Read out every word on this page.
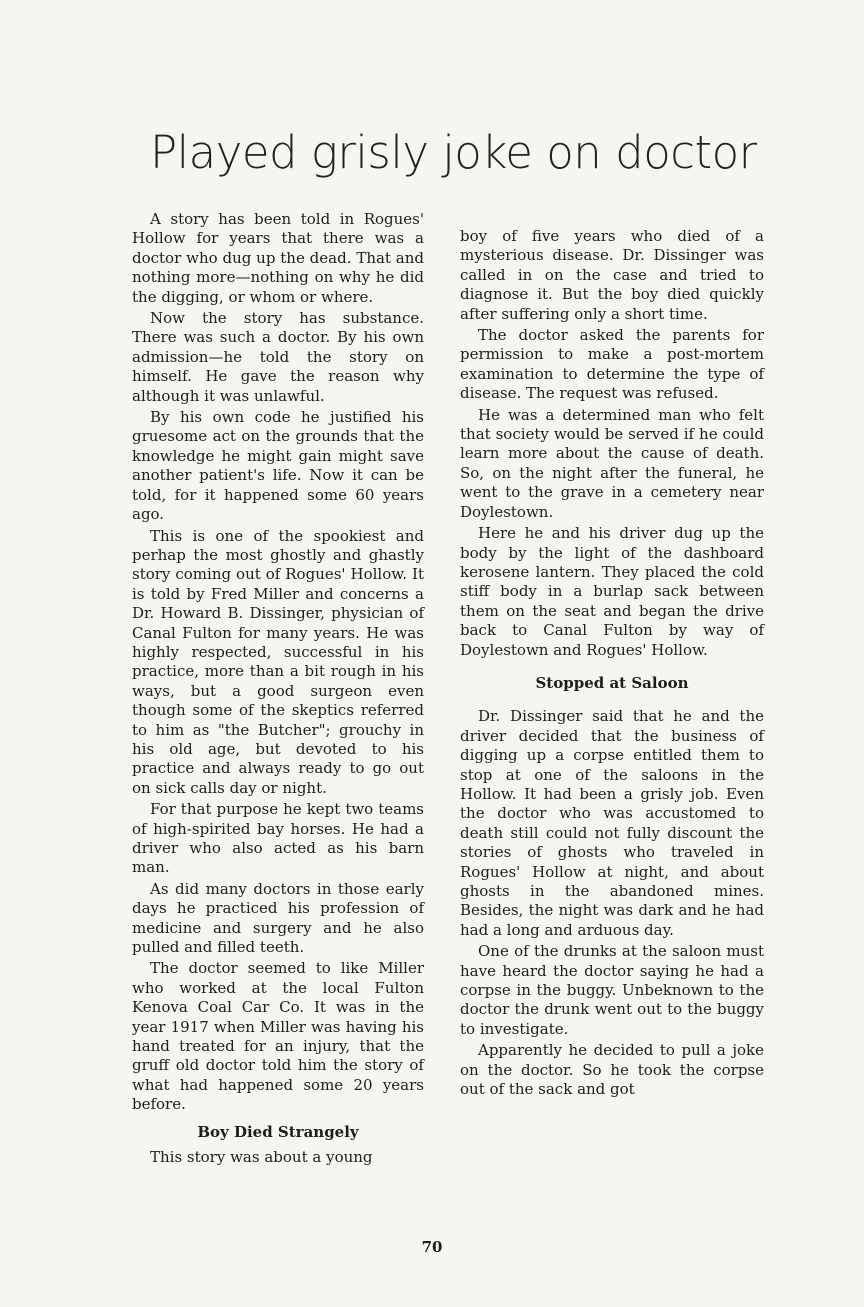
Played grisly joke on doctor

A story has been told in Rogues' Hollow for years that there was a doctor who dug up the dead. That and nothing more—nothing on why he did the digging, or whom or where.

Now the story has substance. There was such a doctor. By his own admission—he told the story on himself. He gave the reason why although it was unlawful.

By his own code he justified his gruesome act on the grounds that the knowledge he might gain might save another patient's life. Now it can be told, for it happened some 60 years ago.

This is one of the spookiest and perhap the most ghostly and ghastly story coming out of Rogues' Hollow. It is told by Fred Miller and concerns a Dr. Howard B. Dissinger, physician of Canal Fulton for many years. He was highly respected, successful in his practice, more than a bit rough in his ways, but a good surgeon even though some of the skeptics referred to him as "the Butcher"; grouchy in his old age, but devoted to his practice and always ready to go out on sick calls day or night.

For that purpose he kept two teams of high-spirited bay horses. He had a driver who also acted as his barn man.

As did many doctors in those early days he practiced his profession of medicine and surgery and he also pulled and filled teeth.

The doctor seemed to like Miller who worked at the local Fulton Kenova Coal Car Co. It was in the year 1917 when Miller was having his hand treated for an injury, that the gruff old doctor told him the story of what had happened some 20 years before.

Boy Died Strangely

This story was about a young

boy of five years who died of a mysterious disease. Dr. Dissinger was called in on the case and tried to diagnose it. But the boy died quickly after suffering only a short time.

The doctor asked the parents for permission to make a post-mortem examination to determine the type of disease. The request was refused.

He was a determined man who felt that society would be served if he could learn more about the cause of death. So, on the night after the funeral, he went to the grave in a cemetery near Doylestown.

Here he and his driver dug up the body by the light of the dashboard kerosene lantern. They placed the cold stiff body in a burlap sack between them on the seat and began the drive back to Canal Fulton by way of Doylestown and Rogues' Hollow.

Stopped at Saloon

Dr. Dissinger said that he and the driver decided that the business of digging up a corpse entitled them to stop at one of the saloons in the Hollow. It had been a grisly job. Even the doctor who was accustomed to death still could not fully discount the stories of ghosts who traveled in Rogues' Hollow at night, and about ghosts in the abandoned mines. Besides, the night was dark and he had had a long and arduous day.

One of the drunks at the saloon must have heard the doctor saying he had a corpse in the buggy. Unbeknown to the doctor the drunk went out to the buggy to investigate.

Apparently he decided to pull a joke on the doctor. So he took the corpse out of the sack and got

70
